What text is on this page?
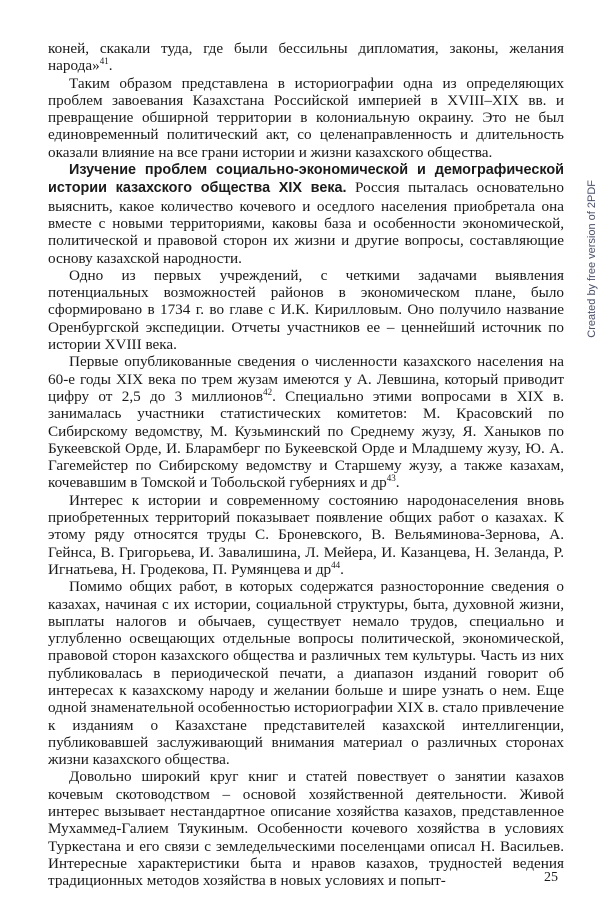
коней, скакали туда, где были бессильны дипломатия, законы, желания народа»$^{41}$.

Таким образом представлена в историографии одна из определяющих проблем завоевания Казахстана Российской империей в XVIII–XIX вв. и превращение обширной территории в колониальную окраину. Это не был единовременный политический акт, со целенаправленность и длительность оказали влияние на все грани истории и жизни казахского общества.

Изучение проблем социально-экономической и демографической истории казахского общества XIX века. Россия пыталась основательно выяснить, какое количество кочевого и оседлого населения приобретала она вместе с новыми территориями, каковы база и особенности экономической, политической и правовой сторон их жизни и другие вопросы, составляющие основу казахской народности.

Одно из первых учреждений, с четкими задачами выявления потенциальных возможностей районов в экономическом плане, было сформировано в 1734 г. во главе с И.К. Кирилловым. Оно получило название Оренбургской экспедиции. Отчеты участников ее – ценнейший источник по истории XVIII века.

Первые опубликованные сведения о численности казахского населения на 60-е годы XIX века по трем жузам имеются у А. Левшина, который приводит цифру от 2,5 до 3 миллионов$^{42}$. Специально этими вопросами в XIX в. занималась участники статистических комитетов: М. Красовский по Сибирскому ведомству, М. Кузьминский по Среднему жузу, Я. Ханыков по Букеевской Орде, И. Бларамберг по Букеевской Орде и Младшему жузу, Ю. А. Гагемейстер по Сибирскому ведомству и Старшему жузу, а также казахам, кочевавшим в Томской и Тобольской губерниях и $др^{43}$.

Интерес к истории и современному состоянию народонаселения вновь приобретенных территорий показывает появление общих работ о казахах. К этому ряду относятся труды С. Броневского, В. Вельяминова-Зернова, А. Гейнса, В. Григорьева, И. Завалишина, Л. Мейера, И. Казанцева, Н. Зеланда, Р. Игнатьева, Н. Гродекова, П. Румянцева и $др^{44}$.

Помимо общих работ, в которых содержатся разносторонние сведения о казахах, начиная с их истории, социальной структуры, быта, духовной жизни, выплаты налогов и обычаев, существует немало трудов, специально и углубленно освещающих отдельные вопросы политической, экономической, правовой сторон казахского общества и различных тем культуры. Часть из них публиковалась в периодической печати, а диапазон изданий говорит об интересах к казахскому народу и желании больше и шире узнать о нем. Еще одной знаменательной особенностью историографии XIX в. стало привлечение к изданиям о Казахстане представителей казахской интеллигенции, публиковавшей заслуживающий внимания материал о различных сторонах жизни казахского общества.

Довольно широкий круг книг и статей повествует о занятии казахов кочевым скотоводством – основой хозяйственной деятельности. Живой интерес вызывает нестандартное описание хозяйства казахов, представленное Мухаммед-Галием Тяукиным. Особенности кочевого хозяйства в условиях Туркестана и его связи с земледельческими поселенцами описал Н. Васильев. Интересные характеристики быта и нравов казахов, трудностей ведения традиционных методов хозяйства в новых условиях и попыт-	25
Created by free version of 2PDF
